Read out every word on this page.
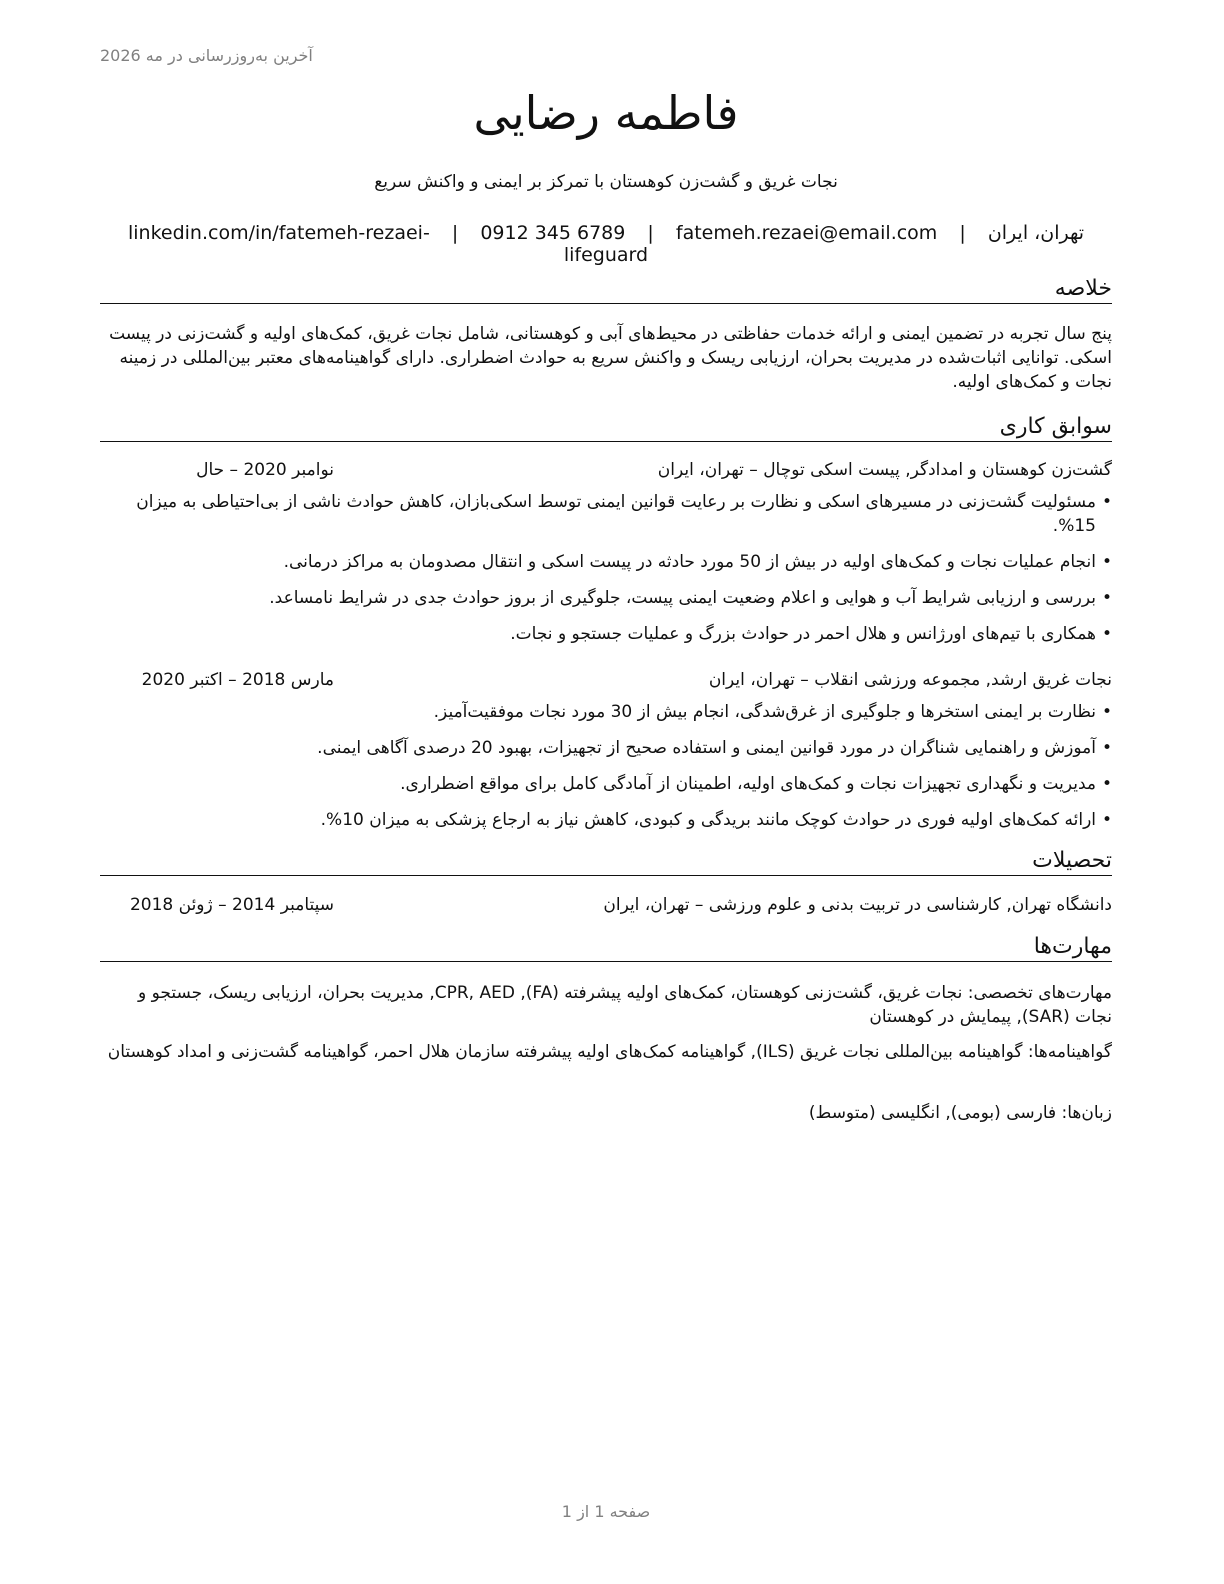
آخرین به‌روزرسانی در مه 2026
فاطمه رضایی
نجات غریق و گشت‌زن کوهستان با تمرکز بر ایمنی و واکنش سریع
تهران، ایران | fatemeh.rezaei@email.com | 0912 345 6789 | linkedin.com/in/fatemeh-rezaei-lifeguard
خلاصه
پنج سال تجربه در تضمین ایمنی و ارائه خدمات حفاظتی در محیط‌های آبی و کوهستانی، شامل نجات غریق، کمک‌های اولیه و گشت‌زنی در پیست اسکی. توانایی اثبات‌شده در مدیریت بحران، ارزیابی ریسک و واکنش سریع به حوادث اضطراری. دارای گواهینامه‌های معتبر بین‌المللی در زمینه نجات و کمک‌های اولیه.
سوابق کاری
گشت‌زن کوهستان و امدادگر, پیست اسکی توچال – تهران، ایران
نوامبر 2020 – حال
• مسئولیت گشت‌زنی در مسیرهای اسکی و نظارت بر رعایت قوانین ایمنی توسط اسکی‌بازان، کاهش حوادث ناشی از بی‌احتیاطی به میزان 15%.
• انجام عملیات نجات و کمک‌های اولیه در بیش از 50 مورد حادثه در پیست اسکی و انتقال مصدومان به مراکز درمانی.
• بررسی و ارزیابی شرایط آب و هوایی و اعلام وضعیت ایمنی پیست، جلوگیری از بروز حوادث جدی در شرایط نامساعد.
• همکاری با تیم‌های اورژانس و هلال احمر در حوادث بزرگ و عملیات جستجو و نجات.
نجات غریق ارشد, مجموعه ورزشی انقلاب – تهران، ایران
مارس 2018 – اکتبر 2020
• نظارت بر ایمنی استخرها و جلوگیری از غرق‌شدگی، انجام بیش از 30 مورد نجات موفقیت‌آمیز.
• آموزش و راهنمایی شناگران در مورد قوانین ایمنی و استفاده صحیح از تجهیزات، بهبود 20 درصدی آگاهی ایمنی.
• مدیریت و نگهداری تجهیزات نجات و کمک‌های اولیه، اطمینان از آمادگی کامل برای مواقع اضطراری.
• ارائه کمک‌های اولیه فوری در حوادث کوچک مانند بریدگی و کبودی، کاهش نیاز به ارجاع پزشکی به میزان 10%.
تحصیلات
دانشگاه تهران, کارشناسی در تربیت بدنی و علوم ورزشی – تهران، ایران
سپتامبر 2014 – ژوئن 2018
مهارت‌ها
مهارت‌های تخصصی: نجات غریق، گشت‌زنی کوهستان، کمک‌های اولیه پیشرفته (FA), CPR, AED, مدیریت بحران، ارزیابی ریسک، جستجو و نجات (SAR), پیمایش در کوهستان
گواهینامه‌ها: گواهینامه بین‌المللی نجات غریق (ILS), گواهینامه کمک‌های اولیه پیشرفته سازمان هلال احمر، گواهینامه گشت‌زنی و امداد کوهستان
زبان‌ها: فارسی (بومی), انگلیسی (متوسط)
صفحه 1 از 1
